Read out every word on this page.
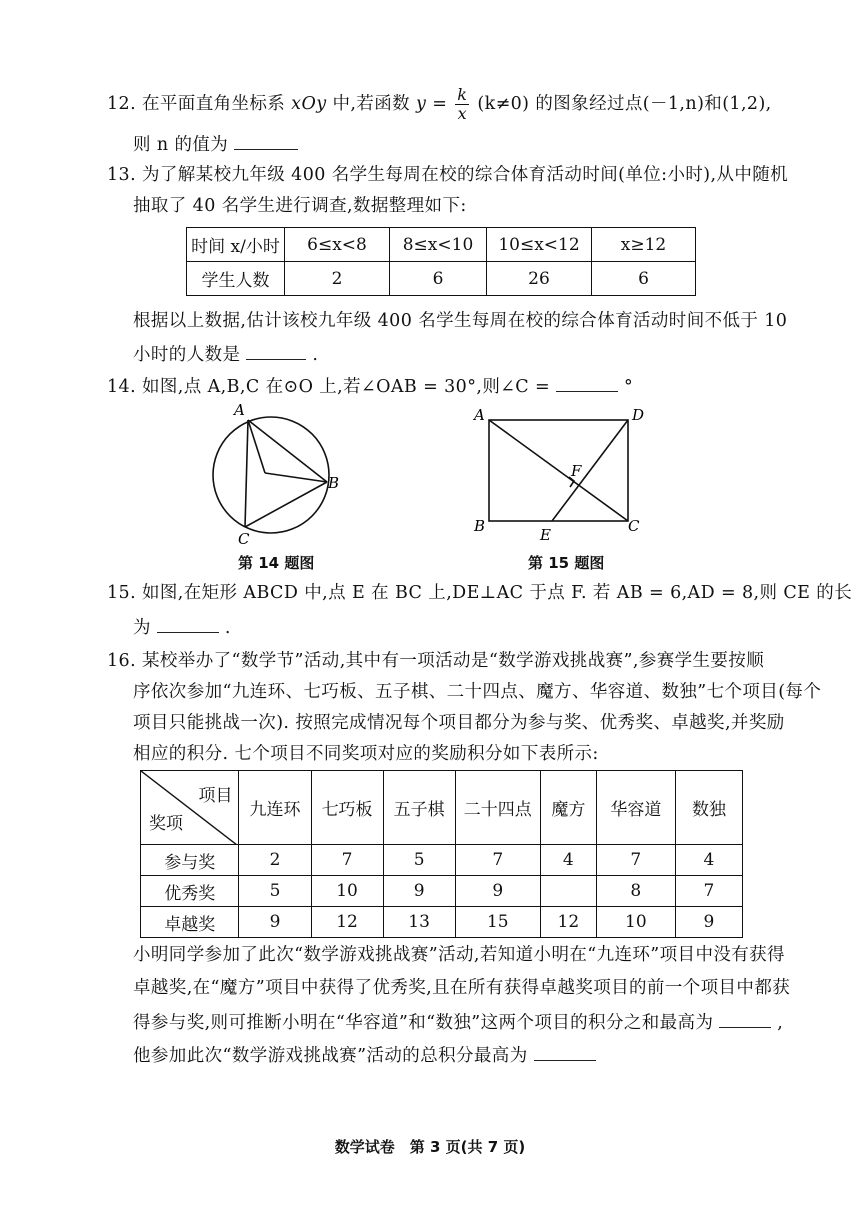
12. 在平面直角坐标系 xOy 中,若函数 $y = \frac{k}{x} (k\ne 0)$ 的图象经过点(－1,n)和(1,2),
则 n 的值为
13. 为了解某校九年级 400 名学生每周在校的综合体育活动时间(单位:小时),从中随机
抽取了 40 名学生进行调查,数据整理如下:
时间 x/小时	6≤x<8	8≤x<10	10≤x<12	x≥12
学生人数	2	6	26	6
根据以上数据,估计该校九年级 400 名学生每周在校的综合体育活动时间不低于 10
小时的人数是	.
14. 如图,点 A,B,C 在⊙O 上,若∠OAB = 30°,则∠C =	°
A
B
C
第 14 题图
A	D
F
B	E	C
第 15 题图
15. 如图,在矩形 ABCD 中,点 E 在 BC 上,DE⊥AC 于点 F. 若 AB = 6,AD = 8,则 CE 的长
为	.
16. 某校举办了“数学节”活动,其中有一项活动是“数学游戏挑战赛”,参赛学生要按顺
序依次参加“九连环、七巧板、五子棋、二十四点、魔方、华容道、数独”七个项目(每个
项目只能挑战一次). 按照完成情况每个项目都分为参与奖、优秀奖、卓越奖,并奖励
相应的积分. 七个项目不同奖项对应的奖励积分如下表所示:
项目
奖项	九连环	七巧板	五子棋	二十四点	魔方	华容道	数独
参与奖	2	7	5	7	4	7	4
优秀奖	5	10	9	9		8	7
卓越奖	9	12	13	15	12	10	9
小明同学参加了此次“数学游戏挑战赛”活动,若知道小明在“九连环”项目中没有获得
卓越奖,在“魔方”项目中获得了优秀奖,且在所有获得卓越奖项目的前一个项目中都获
得参与奖,则可推断小明在“华容道”和“数独”这两个项目的积分之和最高为	,
他参加此次“数学游戏挑战赛”活动的总积分最高为
数学试卷　第 3 页(共 7 页)
